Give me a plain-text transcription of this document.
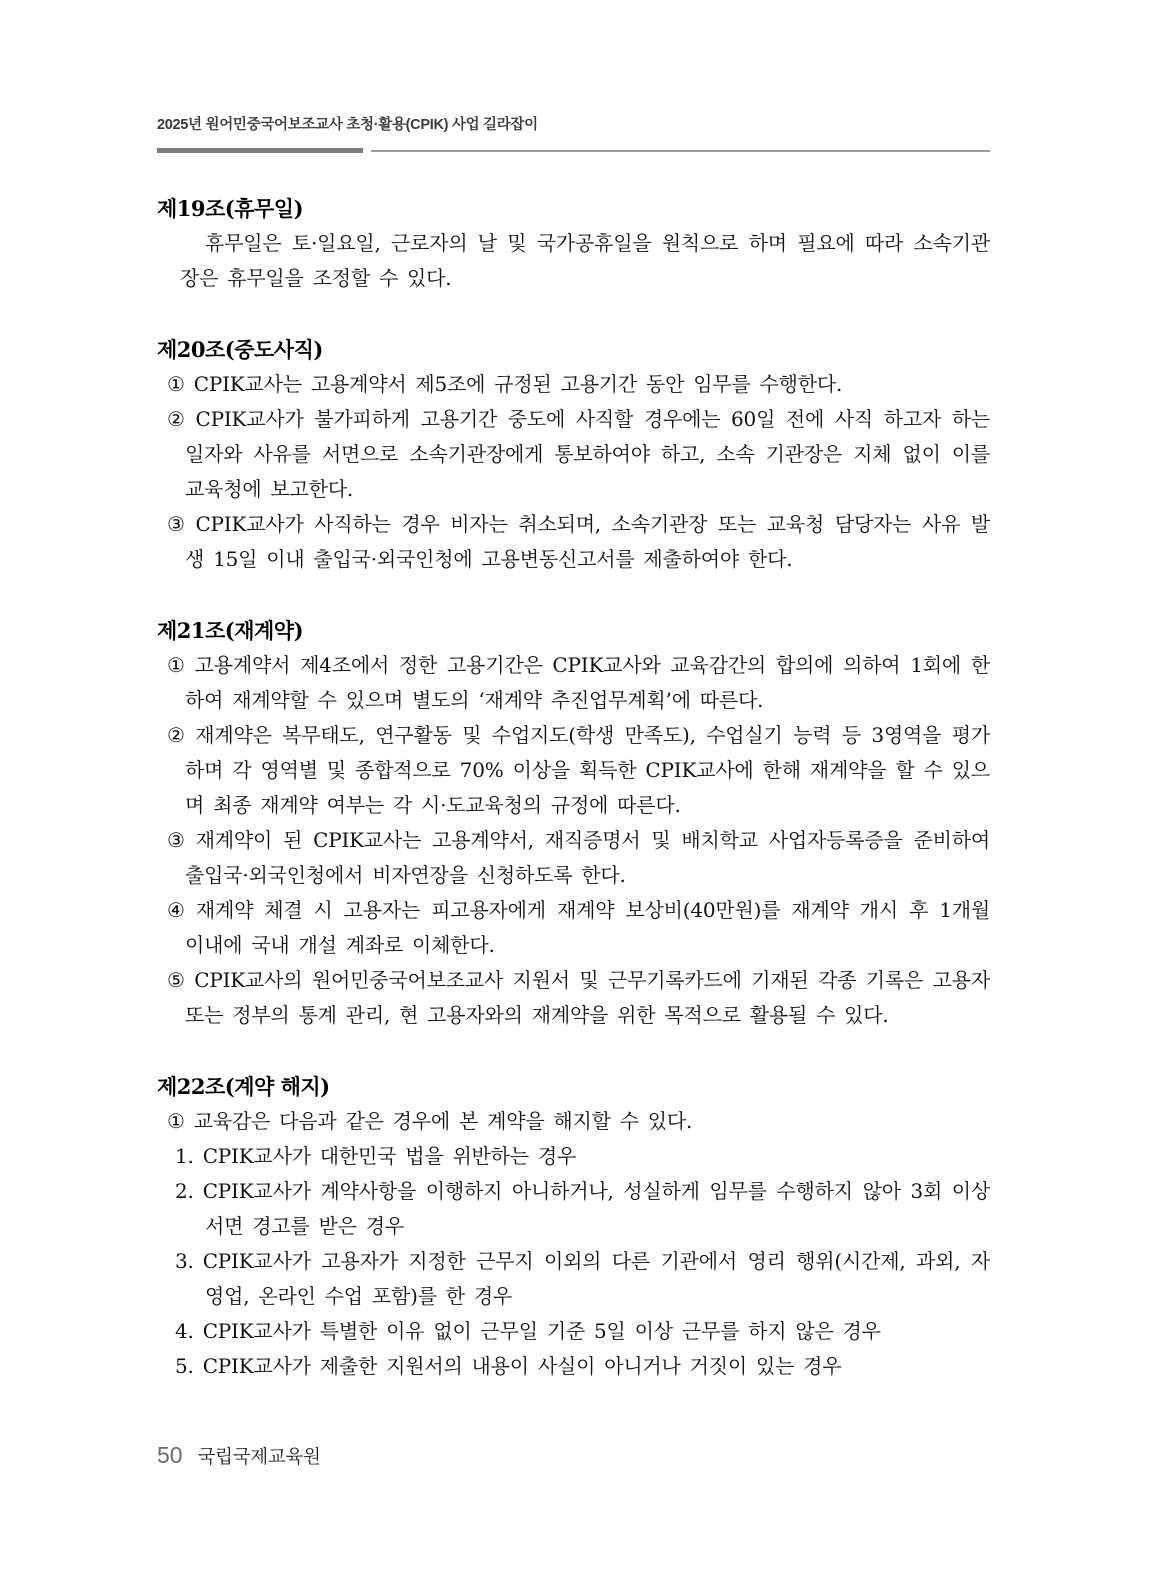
2025년 원어민중국어보조교사 초청·활용(CPIK) 사업 길라잡이
제19조(휴무일)

휴무일은 토·일요일, 근로자의 날 및 국가공휴일을 원칙으로 하며 필요에 따라 소속기관장은 휴무일을 조정할 수 있다.

제20조(중도사직)
① CPIK교사는 고용계약서 제5조에 규정된 고용기간 동안 임무를 수행한다.
② CPIK교사가 불가피하게 고용기간 중도에 사직할 경우에는 60일 전에 사직 하고자 하는 일자와 사유를 서면으로 소속기관장에게 통보하여야 하고, 소속 기관장은 지체 없이 이를 교육청에 보고한다.
③ CPIK교사가 사직하는 경우 비자는 취소되며, 소속기관장 또는 교육청 담당자는 사유 발생 15일 이내 출입국·외국인청에 고용변동신고서를 제출하여야 한다.
제21조(재계약)
① 고용계약서 제4조에서 정한 고용기간은 CPIK교사와 교육감간의 합의에 의하여 1회에 한하여 재계약할 수 있으며 별도의 ‘재계약 추진업무계획’에 따른다.
② 재계약은 복무태도, 연구활동 및 수업지도(학생 만족도), 수업실기 능력 등 3영역을 평가하며 각 영역별 및 종합적으로 70% 이상을 획득한 CPIK교사에 한해 재계약을 할 수 있으며 최종 재계약 여부는 각 시·도교육청의 규정에 따른다.
③ 재계약이 된 CPIK교사는 고용계약서, 재직증명서 및 배치학교 사업자등록증을 준비하여 출입국·외국인청에서 비자연장을 신청하도록 한다.
④ 재계약 체결 시 고용자는 피고용자에게 재계약 보상비(40만원)를 재계약 개시 후 1개월 이내에 국내 개설 계좌로 이체한다.
⑤ CPIK교사의 원어민중국어보조교사 지원서 및 근무기록카드에 기재된 각종 기록은 고용자 또는 정부의 통계 관리, 현 고용자와의 재계약을 위한 목적으로 활용될 수 있다.
제22조(계약 해지)
① 교육감은 다음과 같은 경우에 본 계약을 해지할 수 있다.
1. CPIK교사가 대한민국 법을 위반하는 경우
2. CPIK교사가 계약사항을 이행하지 아니하거나, 성실하게 임무를 수행하지 않아 3회 이상 서면 경고를 받은 경우
3. CPIK교사가 고용자가 지정한 근무지 이외의 다른 기관에서 영리 행위(시간제, 과외, 자영업, 온라인 수업 포함)를 한 경우
4. CPIK교사가 특별한 이유 없이 근무일 기준 5일 이상 근무를 하지 않은 경우
5. CPIK교사가 제출한 지원서의 내용이 사실이 아니거나 거짓이 있는 경우
50 국립국제교육원
